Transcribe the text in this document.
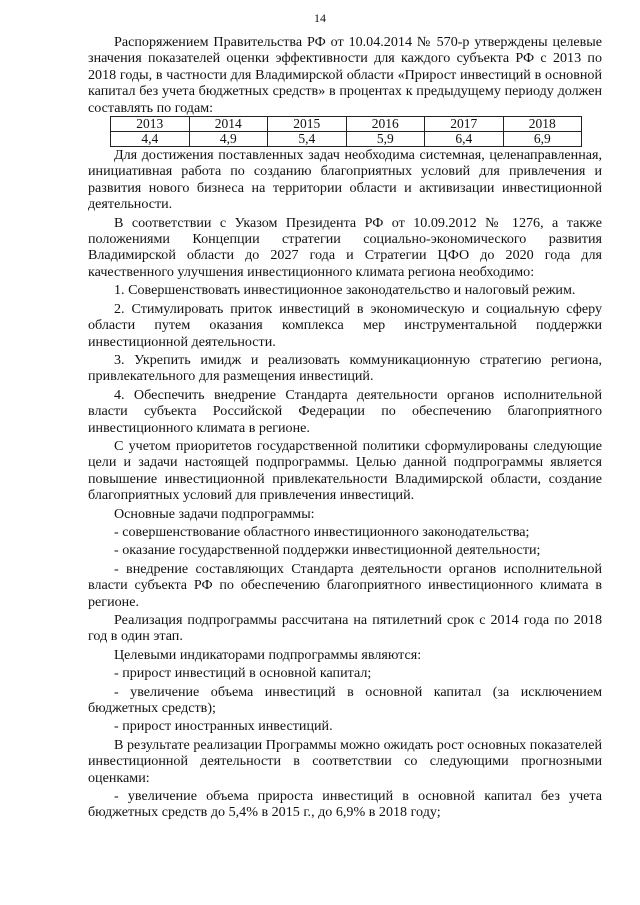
14

Распоряжением Правительства РФ от 10.04.2014 № 570-р утверждены целевые значения показателей оценки эффективности для каждого субъекта РФ с 2013 по 2018 годы, в частности для Владимирской области «Прирост инвестиций в основной капитал без учета бюджетных средств» в процентах к предыдущему периоду должен составлять по годам:

2013	2014	2015	2016	2017	2018
4,4	4,9	5,4	5,9	6,4	6,9

Для достижения поставленных задач необходима системная, целенаправленная, инициативная работа по созданию благоприятных условий для привлечения и развития нового бизнеса на территории области и активизации инвестиционной деятельности.

В соответствии с Указом Президента РФ от 10.09.2012 № 1276, а также положениями Концепции стратегии социально-экономического развития Владимирской области до 2027 года и Стратегии ЦФО до 2020 года для качественного улучшения инвестиционного климата региона необходимо:

1. Совершенствовать инвестиционное законодательство и налоговый режим.

2. Стимулировать приток инвестиций в экономическую и социальную сферу области путем оказания комплекса мер инструментальной поддержки инвестиционной деятельности.

3. Укрепить имидж и реализовать коммуникационную стратегию региона, привлекательного для размещения инвестиций.

4. Обеспечить внедрение Стандарта деятельности органов исполнительной власти субъекта Российской Федерации по обеспечению благоприятного инвестиционного климата в регионе.

С учетом приоритетов государственной политики сформулированы следующие цели и задачи настоящей подпрограммы. Целью данной подпрограммы является повышение инвестиционной привлекательности Владимирской области, создание благоприятных условий для привлечения инвестиций.

Основные задачи подпрограммы:

- совершенствование областного инвестиционного законодательства;

- оказание государственной поддержки инвестиционной деятельности;

- внедрение составляющих Стандарта деятельности органов исполнительной власти субъекта РФ по обеспечению благоприятного инвестиционного климата в регионе.

Реализация подпрограммы рассчитана на пятилетний срок с 2014 года по 2018 год в один этап.

Целевыми индикаторами подпрограммы являются:

- прирост инвестиций в основной капитал;

- увеличение объема инвестиций в основной капитал (за исключением бюджетных средств);

- прирост иностранных инвестиций.

В результате реализации Программы можно ожидать рост основных показателей инвестиционной деятельности в соответствии со следующими прогнозными оценками:

- увеличение объема прироста инвестиций в основной капитал без учета бюджетных средств до 5,4% в 2015 г., до 6,9% в 2018 году;
